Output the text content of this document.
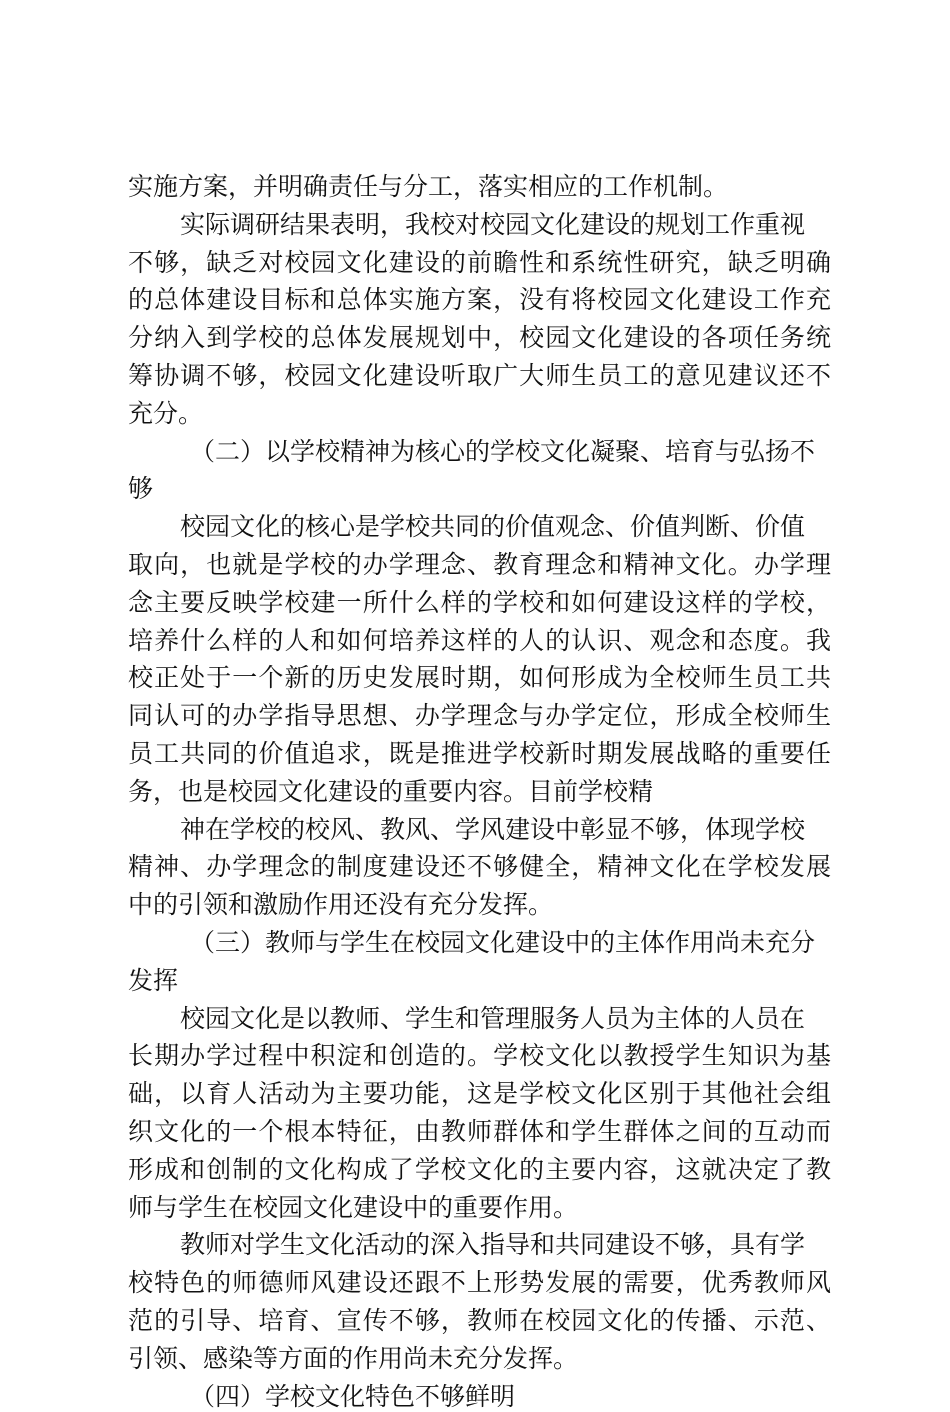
实施方案，并明确责任与分工，落实相应的工作机制。

实际调研结果表明，我校对校园文化建设的规划工作重视

不够，缺乏对校园文化建设的前瞻性和系统性研究，缺乏明确

的总体建设目标和总体实施方案，没有将校园文化建设工作充

分纳入到学校的总体发展规划中，校园文化建设的各项任务统

筹协调不够，校园文化建设听取广大师生员工的意见建议还不

充分。

（二）以学校精神为核心的学校文化凝聚、培育与弘扬不

够

校园文化的核心是学校共同的价值观念、价值判断、价值

取向，也就是学校的办学理念、教育理念和精神文化。办学理

念主要反映学校建一所什么样的学校和如何建设这样的学校，

培养什么样的人和如何培养这样的人的认识、观念和态度。我

校正处于一个新的历史发展时期，如何形成为全校师生员工共

同认可的办学指导思想、办学理念与办学定位，形成全校师生

员工共同的价值追求，既是推进学校新时期发展战略的重要任

务，也是校园文化建设的重要内容。目前学校精

神在学校的校风、教风、学风建设中彰显不够，体现学校

精神、办学理念的制度建设还不够健全，精神文化在学校发展

中的引领和激励作用还没有充分发挥。

（三）教师与学生在校园文化建设中的主体作用尚未充分

发挥

校园文化是以教师、学生和管理服务人员为主体的人员在

长期办学过程中积淀和创造的。学校文化以教授学生知识为基

础，以育人活动为主要功能，这是学校文化区别于其他社会组

织文化的一个根本特征，由教师群体和学生群体之间的互动而

形成和创制的文化构成了学校文化的主要内容，这就决定了教

师与学生在校园文化建设中的重要作用。

教师对学生文化活动的深入指导和共同建设不够，具有学

校特色的师德师风建设还跟不上形势发展的需要，优秀教师风

范的引导、培育、宣传不够，教师在校园文化的传播、示范、

引领、感染等方面的作用尚未充分发挥。

（四）学校文化特色不够鲜明
